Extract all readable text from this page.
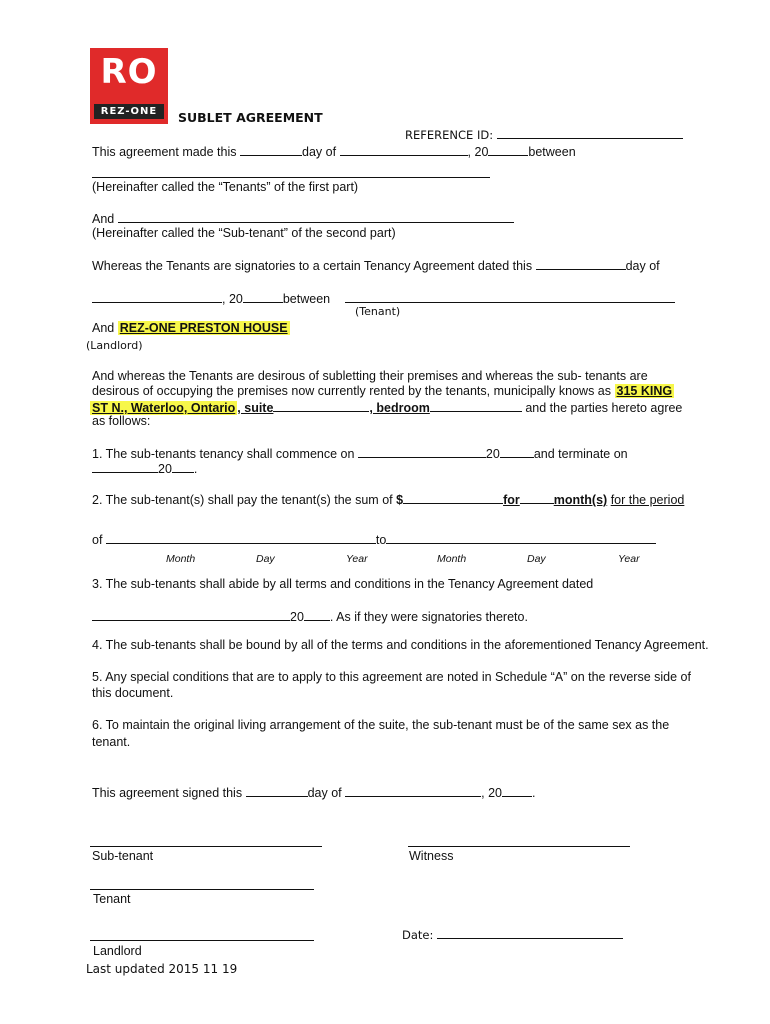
RO
REZ-ONE	SUBLET AGREEMENT
REFERENCE ID:
This agreement made this	day of	, 20	between
(Hereinafter called the “Tenants” of the first part)
And
(Hereinafter called the “Sub-tenant” of the second part)
Whereas the Tenants are signatories to a certain Tenancy Agreement dated this	day of
, 20	between
(Tenant)
And REZ-ONE PRESTON HOUSE
(Landlord)
And whereas the Tenants are desirous of subletting their premises and whereas the sub- tenants are
desirous of occupying the premises now currently rented by the tenants, municipally knows as 315 KING
ST N., Waterloo, Ontario , suite	, bedroom	and the parties hereto agree
as follows:
1. The sub-tenants tenancy shall commence on	20	and terminate on
20 .
2. The sub-tenant(s) shall pay the tenant(s) the sum of $	for	month(s) for the period
of	to
Month	Day	Year	Month	Day	Year
3. The sub-tenants shall abide by all terms and conditions in the Tenancy Agreement dated
20 . As if they were signatories thereto.
4. The sub-tenants shall be bound by all of the terms and conditions in the aforementioned Tenancy Agreement.
5. Any special conditions that are to apply to this agreement are noted in Schedule “A” on the reverse side of
this document.
6. To maintain the original living arrangement of the suite, the sub-tenant must be of the same sex as the
tenant.
This agreement signed this	day of	, 20 .
Sub-tenant	Witness
Tenant
Date:
Landlord
Last updated 2015 11 19
